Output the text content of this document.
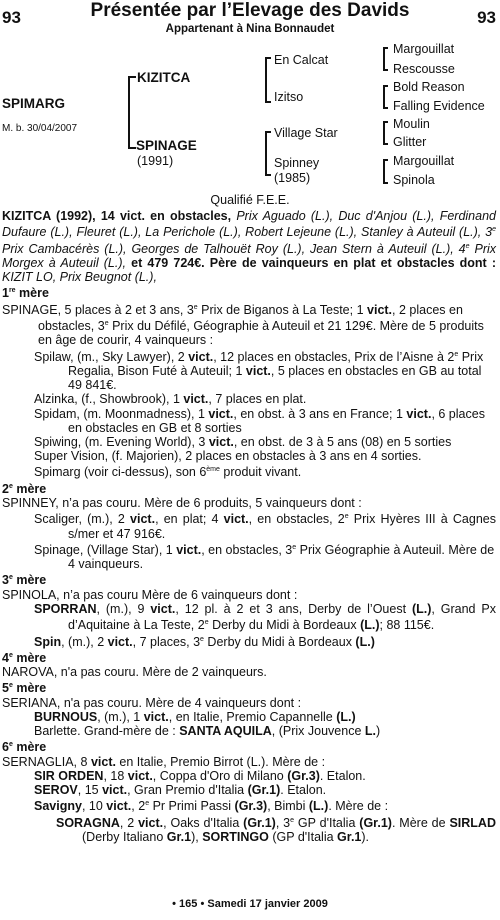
93	Présentée par l’Elevage des Davids	93
Appartenant à Nina Bonnaudet
SPIMARG
M. b. 30/04/2007
KIZITCA
SPINAGE
(1991)
En Calcat
Izitso
Village Star
Spinney
(1985)
Margouillat
Rescousse
Bold Reason
Falling Evidence
Moulin
Glitter
Margouillat
Spinola
Qualifié F.E.E.

KIZITCA (1992), 14 vict. en obstacles, Prix Aguado (L.), Duc d'Anjou (L.), Ferdinand Dufaure (L.), Fleuret (L.), La Perichole (L.), Robert Lejeune (L.), Stanley à Auteuil (L.), 3e Prix Cambacérès (L.), Georges de Talhouët Roy (L.), Jean Stern à Auteuil (L.), 4e Prix Morgex à Auteuil (L.), et 479 724€. Père de vainqueurs en plat et obstacles dont : KIZIT LO, Prix Beugnot (L.),

1re mère

SPINAGE, 5 places à 2 et 3 ans, 3e Prix de Biganos à La Teste; 1 vict., 2 places en obstacles, 3e Prix du Défilé, Géographie à Auteuil et 21 129€. Mère de 5 produits en âge de courir, 4 vainqueurs :

Spilaw, (m., Sky Lawyer), 2 vict., 12 places en obstacles, Prix de l’Aisne à 2e Prix Regalia, Bison Futé à Auteuil; 1 vict., 5 places en obstacles en GB au total 49 841€.

Alzinka, (f., Showbrook), 1 vict., 7 places en plat.

Spidam, (m. Moonmadness), 1 vict., en obst. à 3 ans en France; 1 vict., 6 places en obstacles en GB et 8 sorties

Spiwing, (m. Evening World), 3 vict., en obst. de 3 à 5 ans (08) en 5 sorties

Super Vision, (f. Majorien), 2 places en obstacles à 3 ans en 4 sorties.

Spimarg (voir ci-dessus), son 6ème produit vivant.

2e mère

SPINNEY, n’a pas couru. Mère de 6 produits, 5 vainqueurs dont :

Scaliger, (m.), 2 vict., en plat; 4 vict., en obstacles, 2e Prix Hyères III à Cagnes s/mer et 47 916€.

Spinage, (Village Star), 1 vict., en obstacles, 3e Prix Géographie à Auteuil. Mère de 4 vainqueurs.

3e mère

SPINOLA, n’a pas couru Mère de 6 vainqueurs dont :

SPORRAN, (m.), 9 vict., 12 pl. à 2 et 3 ans, Derby de l’Ouest (L.), Grand Px d’Aquitaine à La Teste, 2e Derby du Midi à Bordeaux (L.); 88 115€.

Spin, (m.), 2 vict., 7 places, 3e Derby du Midi à Bordeaux (L.)

4e mère

NAROVA, n'a pas couru. Mère de 2 vainqueurs.

5e mère

SERIANA, n'a pas couru. Mère de 4 vainqueurs dont :

BURNOUS, (m.), 1 vict., en Italie, Premio Capannelle (L.)

Barlette. Grand-mère de : SANTA AQUILA, (Prix Jouvence L.)

6e mère

SERNAGLIA, 8 vict. en Italie, Premio Birrot (L.). Mère de :

SIR ORDEN, 18 vict., Coppa d'Oro di Milano (Gr.3). Etalon.

SEROV, 15 vict., Gran Premio d'Italia (Gr.1). Etalon.

Savigny, 10 vict., 2e Pr Primi Passi (Gr.3), Bimbi (L.). Mère de :

SORAGNA, 2 vict., Oaks d'Italia (Gr.1), 3e GP d'Italia (Gr.1). Mère de SIRLAD (Derby Italiano Gr.1), SORTINGO (GP d'Italia Gr.1).

• 165 • Samedi 17 janvier 2009
